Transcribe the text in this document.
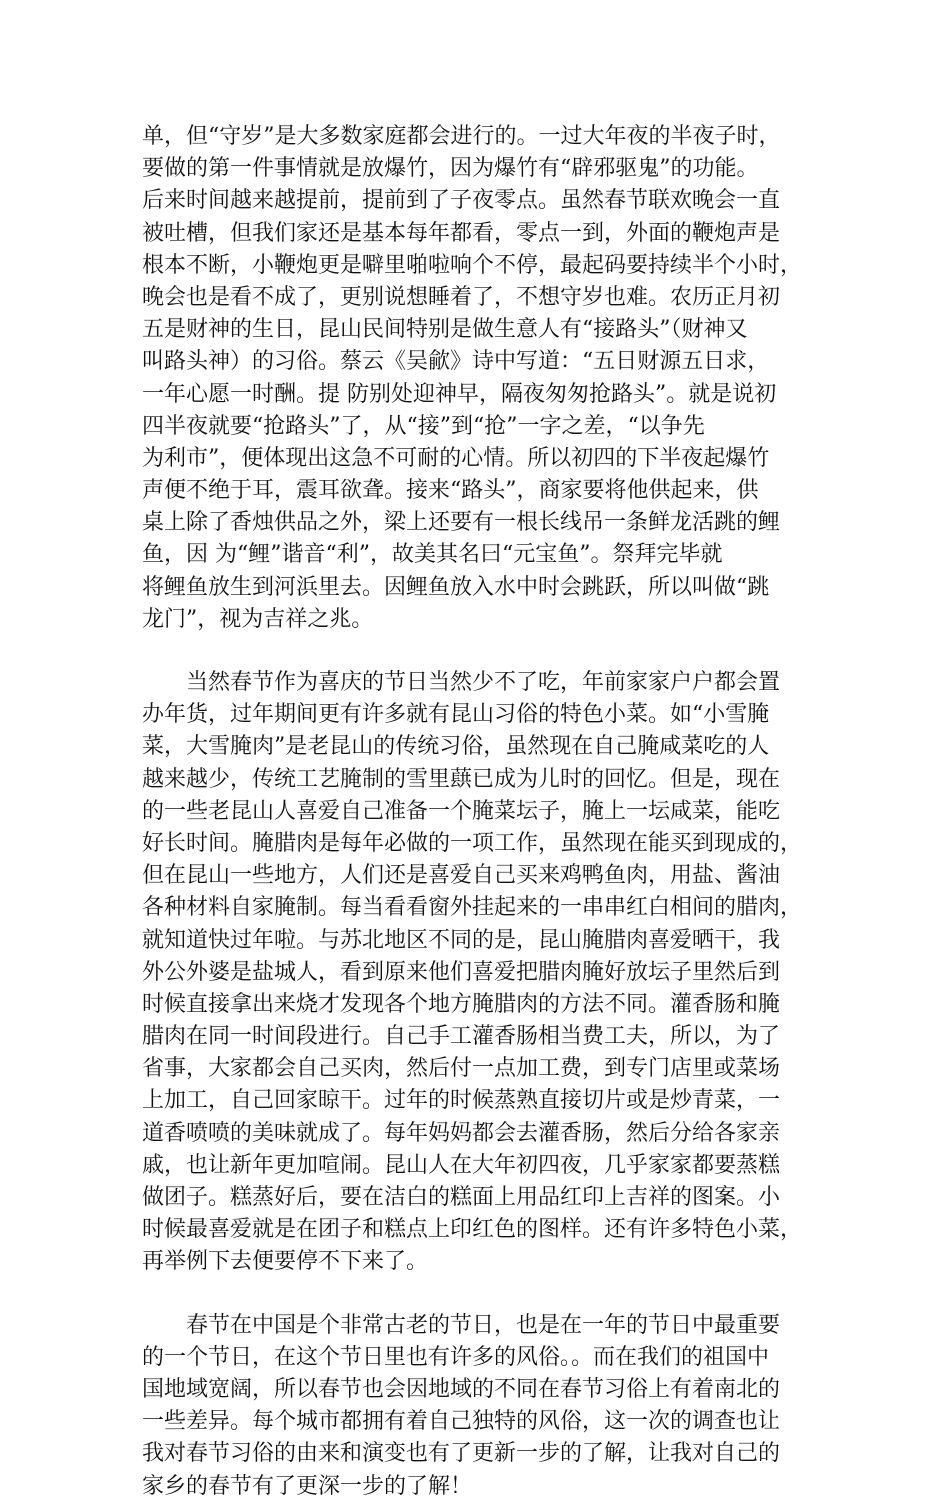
单，但“守岁”是大多数家庭都会进行的。一过大年夜的半夜子时，
要做的第一件事情就是放爆竹，因为爆竹有“辟邪驱鬼”的功能。
后来时间越来越提前，提前到了子夜零点。虽然春节联欢晚会一直
被吐槽，但我们家还是基本每年都看，零点一到，外面的鞭炮声是
根本不断，小鞭炮更是噼里啪啦响个不停，最起码要持续半个小时，
晚会也是看不成了，更别说想睡着了，不想守岁也难。农历正月初
五是财神的生日，昆山民间特别是做生意人有“接路头”（财神又
叫路头神）的习俗。蔡云《吴歈》诗中写道：“五日财源五日求，
一年心愿一时酬。提 防别处迎神早，隔夜匆匆抢路头”。就是说初
四半夜就要“抢路头”了，从“接”到“抢”一字之差，“以争先
为利市”，便体现出这急不可耐的心情。所以初四的下半夜起爆竹
声便不绝于耳，震耳欲聋。接来“路头”，商家要将他供起来，供
桌上除了香烛供品之外，梁上还要有一根长线吊一条鲜龙活跳的鲤
鱼，因 为“鲤”谐音“利”，故美其名曰“元宝鱼”。祭拜完毕就
将鲤鱼放生到河浜里去。因鲤鱼放入水中时会跳跃，所以叫做“跳
龙门”，视为吉祥之兆。
当然春节作为喜庆的节日当然少不了吃，年前家家户户都会置
办年货，过年期间更有许多就有昆山习俗的特色小菜。如“小雪腌
菜，大雪腌肉”是老昆山的传统习俗，虽然现在自己腌咸菜吃的人
越来越少，传统工艺腌制的雪里蕻已成为儿时的回忆。但是，现在
的一些老昆山人喜爱自己准备一个腌菜坛子，腌上一坛咸菜，能吃
好长时间。腌腊肉是每年必做的一项工作，虽然现在能买到现成的，
但在昆山一些地方，人们还是喜爱自己买来鸡鸭鱼肉，用盐、酱油
各种材料自家腌制。每当看看窗外挂起来的一串串红白相间的腊肉，
就知道快过年啦。与苏北地区不同的是，昆山腌腊肉喜爱晒干，我
外公外婆是盐城人，看到原来他们喜爱把腊肉腌好放坛子里然后到
时候直接拿出来烧才发现各个地方腌腊肉的方法不同。灌香肠和腌
腊肉在同一时间段进行。自己手工灌香肠相当费工夫，所以，为了
省事，大家都会自己买肉，然后付一点加工费，到专门店里或菜场
上加工，自己回家晾干。过年的时候蒸熟直接切片或是炒青菜，一
道香喷喷的美味就成了。每年妈妈都会去灌香肠，然后分给各家亲
戚，也让新年更加喧闹。昆山人在大年初四夜，几乎家家都要蒸糕
做团子。糕蒸好后，要在洁白的糕面上用品红印上吉祥的图案。小
时候最喜爱就是在团子和糕点上印红色的图样。还有许多特色小菜，
再举例下去便要停不下来了。
春节在中国是个非常古老的节日，也是在一年的节日中最重要
的一个节日，在这个节日里也有许多的风俗。。而在我们的祖国中
国地域宽阔，所以春节也会因地域的不同在春节习俗上有着南北的
一些差异。每个城市都拥有着自己独特的风俗，这一次的调查也让
我对春节习俗的由来和演变也有了更新一步的了解，让我对自己的
家乡的春节有了更深一步的了解！
